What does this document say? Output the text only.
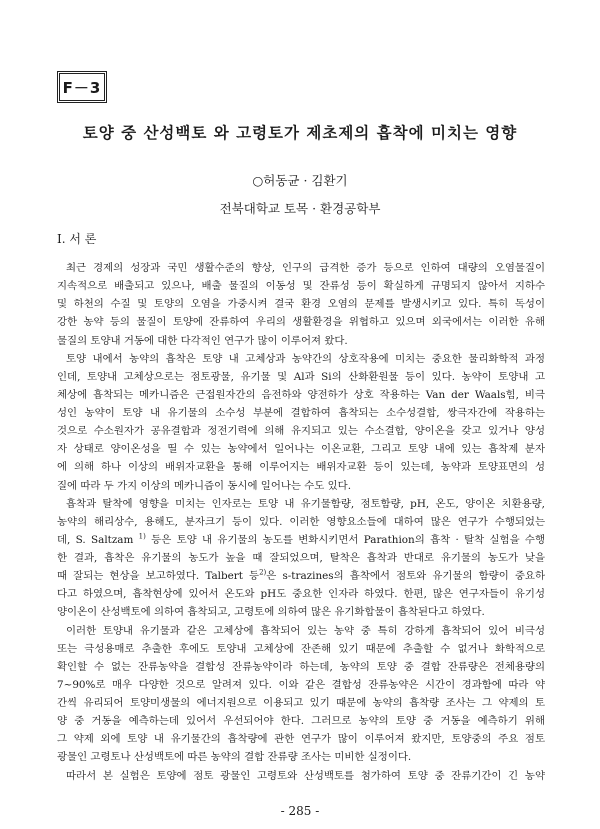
F－3
토양 중 산성백토 와 고령토가 제초제의 흡착에 미치는 영향
○허동균 · 김환기
전북대학교 토목 · 환경공학부
Ⅰ. 서 론
최근 경제의 성장과 국민 생활수준의 향상, 인구의 급격한 증가 등으로 인하여 대량의 오염물질이
지속적으로 배출되고 있으나, 배출 물질의 이동성 및 잔류성 등이 확실하게 규명되지 않아서 지하수
및 하천의 수질 및 토양의 오염을 가중시켜 결국 환경 오염의 문제를 발생시키고 있다. 특히 독성이
강한 농약 등의 물질이 토양에 잔류하여 우리의 생활환경을 위협하고 있으며 외국에서는 이러한 유해
물질의 토양내 거동에 대한 다각적인 연구가 많이 이루어져 왔다.
토양 내에서 농약의 흡착은 토양 내 고체상과 농약간의 상호작용에 미치는 중요한 물리화학적 과정
인데, 토양내 고체상으로는 점토광물, 유기물 및 Al과 Si의 산화환원물 등이 있다. 농약이 토양내 고
체상에 흡착되는 메카니즘은 근접원자간의 음전하와 양전하가 상호 작용하는 Van der Waals힘, 비극
성인 농약이 토양 내 유기물의 소수성 부분에 결합하여 흡착되는 소수성결합, 쌍극자간에 작용하는
것으로 수소원자가 공유결합과 정전기력에 의해 유지되고 있는 수소결합, 양이온을 갖고 있거나 양성
자 상태로 양이온성을 띨 수 있는 농약에서 일어나는 이온교환, 그리고 토양 내에 있는 흡착제 분자
에 의해 하나 이상의 배위자교환을 통해 이루어지는 배위자교환 등이 있는데, 농약과 토양표면의 성
질에 따라 두 가지 이상의 메카니즘이 동시에 일어나는 수도 있다.
흡착과 탈착에 영향을 미치는 인자로는 토양 내 유기물함량, 점토함량, pH, 온도, 양이온 치환용량,
농약의 해리상수, 용해도, 분자크기 등이 있다. 이러한 영향요소들에 대하여 많은 연구가 수행되었는
데, S. Saltzam $^{1)}$ 등은 토양 내 유기물의 농도를 변화시키면서 Parathion의 흡착 · 탈착 실험을 수행
한 결과, 흡착은 유기물의 농도가 높을 때 잘되었으며, 탈착은 흡착과 반대로 유기물의 농도가 낮을
때 잘되는 현상을 보고하였다. Talbert 등$^{2)}$은 s-trazines의 흡착에서 점토와 유기물의 함량이 중요하
다고 하였으며, 흡착현상에 있어서 온도와 pH도 중요한 인자라 하였다. 한편, 많은 연구자들이 유기성
양이온이 산성백토에 의하여 흡착되고, 고령토에 의하여 많은 유기화합물이 흡착된다고 하였다.
이러한 토양내 유기물과 같은 고체상에 흡착되어 있는 농약 중 특히 강하게 흡착되어 있어 비극성
또는 극성용매로 추출한 후에도 토양내 고체상에 잔존해 있기 때문에 추출할 수 없거나 화학적으로
확인할 수 없는 잔류농약을 결합성 잔류농약이라 하는데, 농약의 토양 중 결합 잔류량은 전체용량의
7~90%로 매우 다양한 것으로 알려져 있다. 이와 같은 결합성 잔류농약은 시간이 경과함에 따라 약
간씩 유리되어 토양미생물의 에너지원으로 이용되고 있기 때문에 농약의 흡착량 조사는 그 약제의 토
양 중 거동을 예측하는데 있어서 우선되어야 한다. 그러므로 농약의 토양 중 거동을 예측하기 위해
그 약제 외에 토양 내 유기물간의 흡착량에 관한 연구가 많이 이루어져 왔지만, 토양중의 주요 점토
광물인 고령토나 산성백토에 따른 농약의 결합 잔류량 조사는 미비한 실정이다.
따라서 본 실험은 토양에 점토 광물인 고령토와 산성백토를 첨가하여 토양 중 잔류기간이 긴 농약
- 285 -
